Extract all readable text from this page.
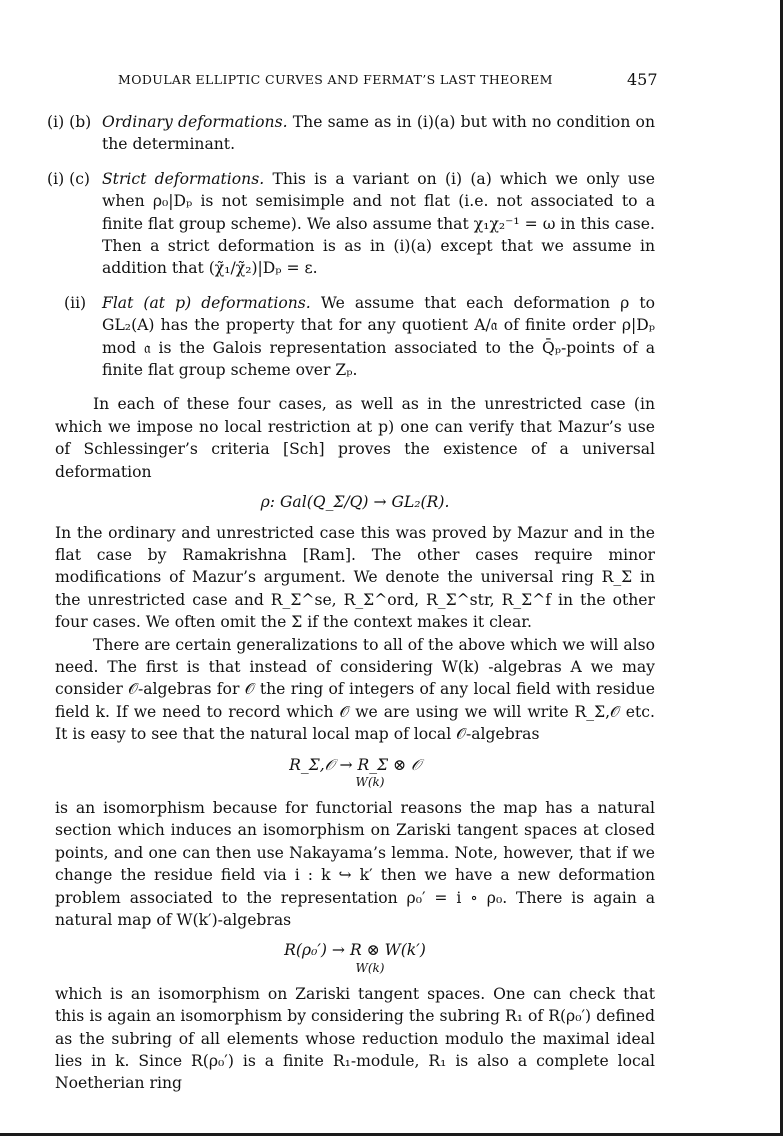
MODULAR ELLIPTIC CURVES AND FERMAT’S LAST THEOREM	457
(i) (b) Ordinary deformations. The same as in (i)(a) but with no condition on the determinant.
(i) (c) Strict deformations. This is a variant on (i) (a) which we only use when ρ₀|Dₚ is not semisimple and not flat (i.e. not associated to a finite flat group scheme). We also assume that χ₁χ₂⁻¹ = ω in this case. Then a strict deformation is as in (i)(a) except that we assume in addition that (χ̃₁/χ̃₂)|Dₚ = ε.
(ii) Flat (at p) deformations. We assume that each deformation ρ to GL₂(A) has the property that for any quotient A/𝔞 of finite order ρ|Dₚ mod 𝔞 is the Galois representation associated to the Q̄ₚ-points of a finite flat group scheme over Zₚ.

In each of these four cases, as well as in the unrestricted case (in which we impose no local restriction at p) one can verify that Mazur’s use of Schlessinger’s criteria [Sch] proves the existence of a universal deformation

ρ: Gal(Q_Σ/Q) → GL₂(R).

In the ordinary and unrestricted case this was proved by Mazur and in the flat case by Ramakrishna [Ram]. The other cases require minor modifications of Mazur’s argument. We denote the universal ring R_Σ in the unrestricted case and R_Σ^se, R_Σ^ord, R_Σ^str, R_Σ^f in the other four cases. We often omit the Σ if the context makes it clear.

There are certain generalizations to all of the above which we will also need. The first is that instead of considering W(k) -algebras A we may consider 𝒪-algebras for 𝒪 the ring of integers of any local field with residue field k. If we need to record which 𝒪 we are using we will write R_Σ,𝒪 etc. It is easy to see that the natural local map of local 𝒪-algebras

R_Σ,𝒪 → R_Σ ⊗ 𝒪
W(k)

is an isomorphism because for functorial reasons the map has a natural section which induces an isomorphism on Zariski tangent spaces at closed points, and one can then use Nakayama’s lemma. Note, however, that if we change the residue field via i : k ↪ k′ then we have a new deformation problem associated to the representation ρ₀′ = i ∘ ρ₀. There is again a natural map of W(k′)-algebras

R(ρ₀′) → R ⊗ W(k′)
W(k)

which is an isomorphism on Zariski tangent spaces. One can check that this is again an isomorphism by considering the subring R₁ of R(ρ₀′) defined as the subring of all elements whose reduction modulo the maximal ideal lies in k. Since R(ρ₀′) is a finite R₁-module, R₁ is also a complete local Noetherian ring
